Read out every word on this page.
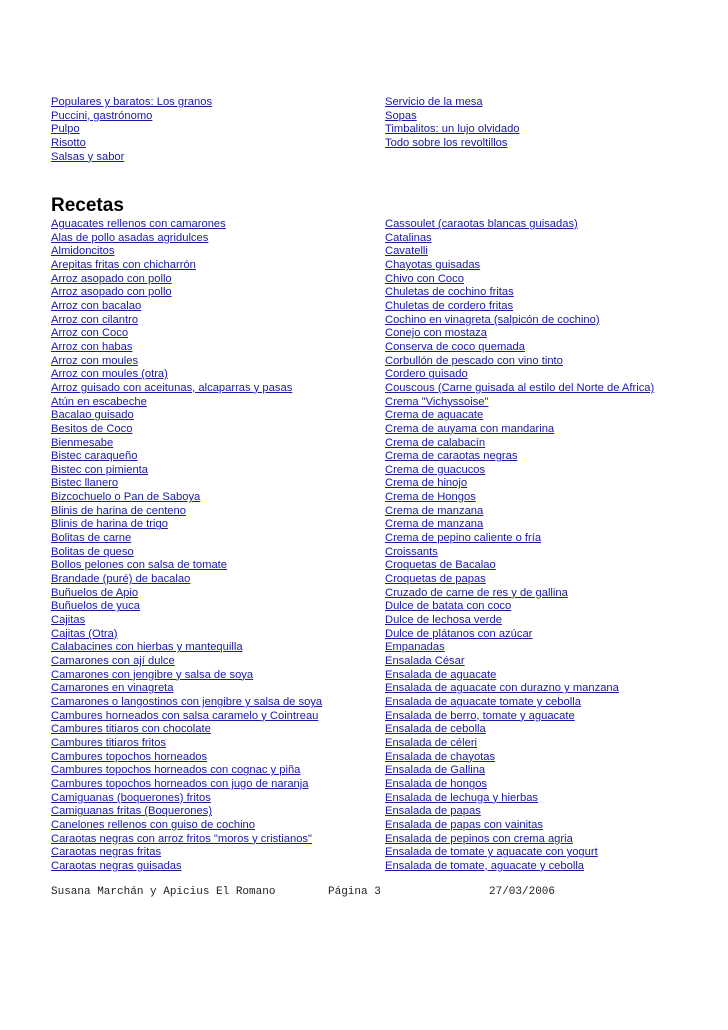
Populares y baratos: Los granos
Puccini, gastrónomo
Pulpo
Risotto
Salsas y sabor
Servicio de la mesa
Sopas
Timbalitos: un lujo olvidado
Todo sobre los revoltillos
Recetas
Aguacates rellenos con camarones
Alas de pollo asadas agridulces
Almidoncitos
Arepitas fritas con chicharrón
Arroz asopado con pollo
Arroz asopado con pollo
Arroz con bacalao
Arroz con cilantro
Arroz con Coco
Arroz con habas
Arroz con moules
Arroz con moules (otra)
Arroz guisado con aceitunas, alcaparras y pasas
Atún en escabeche
Bacalao guisado
Besitos de Coco
Bienmesabe
Bistec caraqueño
Bistec con pimienta
Bistec llanero
Bizcochuelo o Pan de Saboya
Blinis de harina de centeno
Blinis de harina de trigo
Bolitas de carne
Bolitas de queso
Bollos pelones con salsa de tomate
Brandade (puré) de bacalao
Buñuelos de Apio
Buñuelos de yuca
Cajitas
Cajitas (Otra)
Calabacines con hierbas y mantequilla
Camarones con ají dulce
Camarones con jengibre y salsa de soya
Camarones en vinagreta
Camarones o langostinos con jengibre y salsa de soya
Cambures horneados con salsa caramelo y Cointreau
Cambures titiaros con chocolate
Cambures titiaros fritos
Cambures topochos horneados
Cambures topochos horneados con cognac y piña
Cambures topochos horneados con jugo de naranja
Camiguanas (boquerones) fritos
Camiguanas fritas (Boquerones)
Canelones rellenos con guiso de cochino
Caraotas negras con arroz fritos "moros y cristianos"
Caraotas negras fritas
Caraotas negras guisadas
Cassoulet (caraotas blancas guisadas)
Catalinas
Cavatelli
Chayotas guisadas
Chivo con Coco
Chuletas de cochino fritas
Chuletas de cordero fritas
Cochino en vinagreta (salpicón de cochino)
Conejo con mostaza
Conserva de coco quemada
Corbullón de pescado con vino tinto
Cordero guisado
Couscous (Carne guisada al estilo del Norte de Africa)
Crema "Vichyssoise"
Crema de aguacate
Crema de auyama con mandarina
Crema de calabacín
Crema de caraotas negras
Crema de guacucos
Crema de hinojo
Crema de Hongos
Crema de manzana
Crema de manzana
Crema de pepino caliente o fría
Croissants
Croquetas de Bacalao
Croquetas de papas
Cruzado de carne de res y de gallina
Dulce de batata con coco
Dulce de lechosa verde
Dulce de plátanos con azúcar
Empanadas
Ensalada César
Ensalada de aguacate
Ensalada de aguacate con durazno y manzana
Ensalada de aguacate tomate y cebolla
Ensalada de berro, tomate y aguacate
Ensalada de cebolla
Ensalada de céleri
Ensalada de chayotas
Ensalada de Gallina
Ensalada de hongos
Ensalada de lechuga y hierbas
Ensalada de papas
Ensalada de papas con vainitas
Ensalada de pepinos con crema agria
Ensalada de tomate y aguacate con yogurt
Ensalada de tomate, aguacate y cebolla
Susana Marchán y Apicius El Romano	Página 3	27/03/2006
